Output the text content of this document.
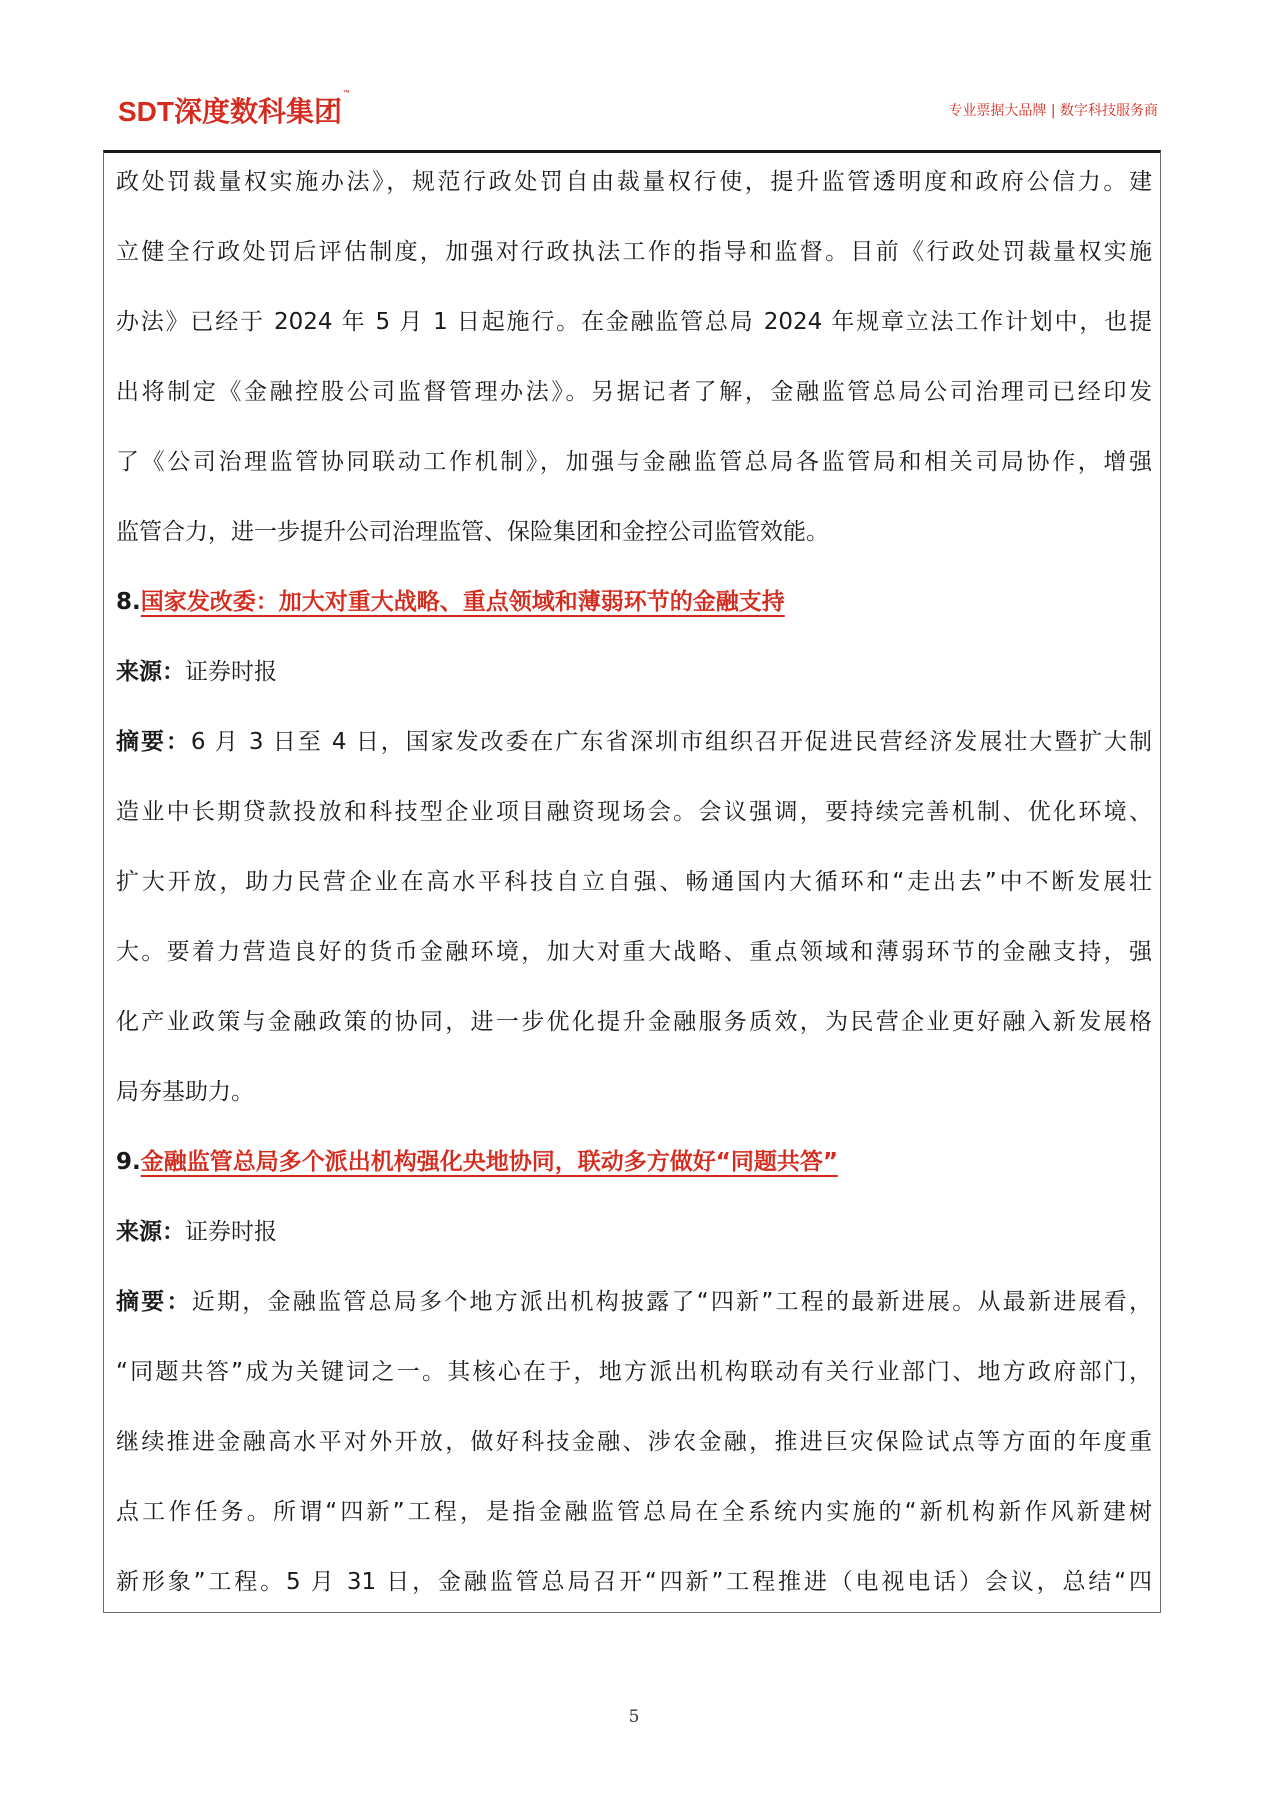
SDT深度数科集团™
专业票据大品牌 | 数字科技服务商
政处罚裁量权实施办法》，规范行政处罚自由裁量权行使，提升监管透明度和政府公信力。建
立健全行政处罚后评估制度，加强对行政执法工作的指导和监督。目前《行政处罚裁量权实施
办法》已经于 2024 年 5 月 1 日起施行。在金融监管总局 2024 年规章立法工作计划中，也提
出将制定《金融控股公司监督管理办法》。另据记者了解，金融监管总局公司治理司已经印发
了《公司治理监管协同联动工作机制》，加强与金融监管总局各监管局和相关司局协作，增强
监管合力，进一步提升公司治理监管、保险集团和金控公司监管效能。
8.国家发改委：加大对重大战略、重点领域和薄弱环节的金融支持
来源：证券时报
摘要：6 月 3 日至 4 日，国家发改委在广东省深圳市组织召开促进民营经济发展壮大暨扩大制
造业中长期贷款投放和科技型企业项目融资现场会。会议强调，要持续完善机制、优化环境、
扩大开放，助力民营企业在高水平科技自立自强、畅通国内大循环和“走出去”中不断发展壮
大。要着力营造良好的货币金融环境，加大对重大战略、重点领域和薄弱环节的金融支持，强
化产业政策与金融政策的协同，进一步优化提升金融服务质效，为民营企业更好融入新发展格
局夯基助力。
9.金融监管总局多个派出机构强化央地协同，联动多方做好“同题共答”
来源：证券时报
摘要：近期，金融监管总局多个地方派出机构披露了“四新”工程的最新进展。从最新进展看，
“同题共答”成为关键词之一。其核心在于，地方派出机构联动有关行业部门、地方政府部门，
继续推进金融高水平对外开放，做好科技金融、涉农金融，推进巨灾保险试点等方面的年度重
点工作任务。所谓“四新”工程，是指金融监管总局在全系统内实施的“新机构新作风新建树
新形象”工程。5 月 31 日，金融监管总局召开“四新”工程推进（电视电话）会议，总结“四
5
